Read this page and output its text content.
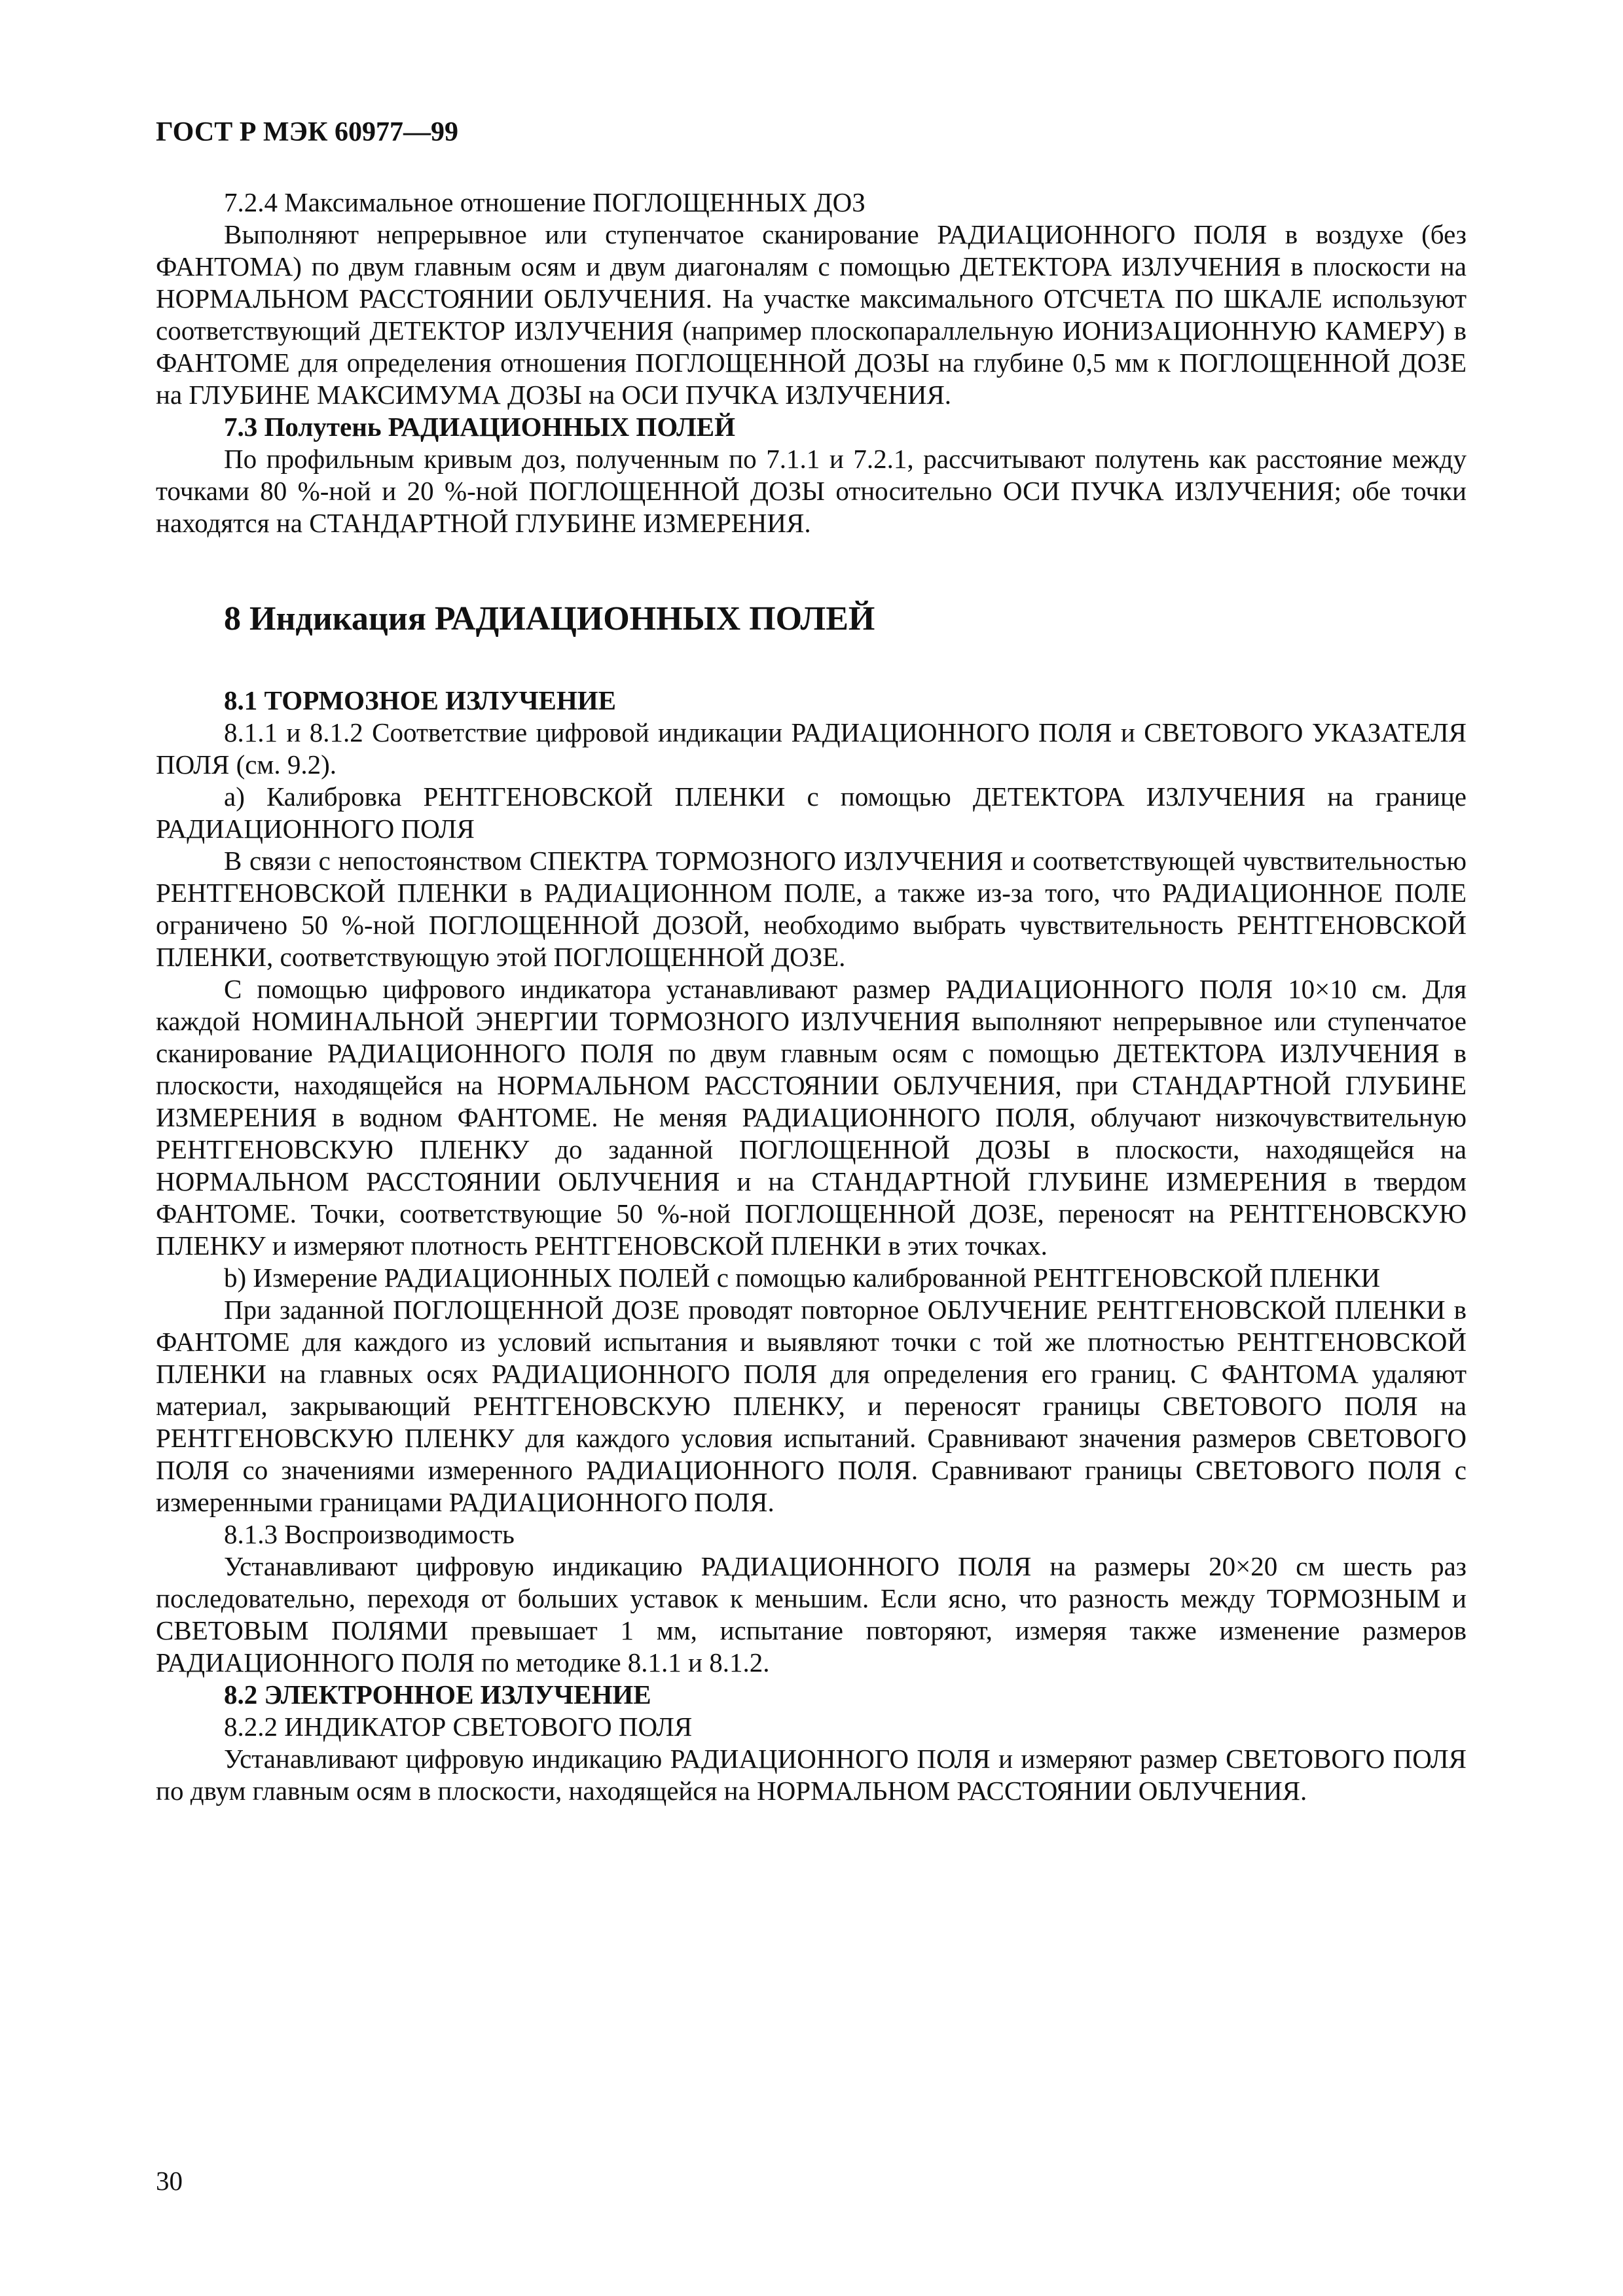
ГОСТ Р МЭК 60977—99

7.2.4 Максимальное отношение ПОГЛОЩЕННЫХ ДОЗ

Выполняют непрерывное или ступенчатое сканирование РАДИАЦИОННОГО ПОЛЯ в воздухе (без ФАНТОМА) по двум главным осям и двум диагоналям с помощью ДЕТЕКТОРА ИЗЛУЧЕНИЯ в плоскости на НОРМАЛЬНОМ РАССТОЯНИИ ОБЛУЧЕНИЯ. На участке максимального ОТСЧЕТА ПО ШКАЛЕ используют соответствующий ДЕТЕКТОР ИЗЛУЧЕНИЯ (например плоскопараллельную ИОНИЗАЦИОННУЮ КАМЕРУ) в ФАНТОМЕ для определения отношения ПОГЛОЩЕННОЙ ДОЗЫ на глубине 0,5 мм к ПОГЛОЩЕННОЙ ДОЗЕ на ГЛУБИНЕ МАКСИМУМА ДОЗЫ на ОСИ ПУЧКА ИЗЛУЧЕНИЯ.

7.3 Полутень РАДИАЦИОННЫХ ПОЛЕЙ

По профильным кривым доз, полученным по 7.1.1 и 7.2.1, рассчитывают полутень как расстояние между точками 80 %-ной и 20 %-ной ПОГЛОЩЕННОЙ ДОЗЫ относительно ОСИ ПУЧКА ИЗЛУЧЕНИЯ; обе точки находятся на СТАНДАРТНОЙ ГЛУБИНЕ ИЗМЕРЕНИЯ.

8 Индикация РАДИАЦИОННЫХ ПОЛЕЙ

8.1 ТОРМОЗНОЕ ИЗЛУЧЕНИЕ

8.1.1 и 8.1.2 Соответствие цифровой индикации РАДИАЦИОННОГО ПОЛЯ и СВЕТОВОГО УКАЗАТЕЛЯ ПОЛЯ (см. 9.2).

a) Калибровка РЕНТГЕНОВСКОЙ ПЛЕНКИ с помощью ДЕТЕКТОРА ИЗЛУЧЕНИЯ на границе РАДИАЦИОННОГО ПОЛЯ

В связи с непостоянством СПЕКТРА ТОРМОЗНОГО ИЗЛУЧЕНИЯ и соответствующей чувствительностью РЕНТГЕНОВСКОЙ ПЛЕНКИ в РАДИАЦИОННОМ ПОЛЕ, а также из-за того, что РАДИАЦИОННОЕ ПОЛЕ ограничено 50 %-ной ПОГЛОЩЕННОЙ ДОЗОЙ, необходимо выбрать чувствительность РЕНТГЕНОВСКОЙ ПЛЕНКИ, соответствующую этой ПОГЛОЩЕННОЙ ДОЗЕ.

С помощью цифрового индикатора устанавливают размер РАДИАЦИОННОГО ПОЛЯ 10×10 см. Для каждой НОМИНАЛЬНОЙ ЭНЕРГИИ ТОРМОЗНОГО ИЗЛУЧЕНИЯ выполняют непрерывное или ступенчатое сканирование РАДИАЦИОННОГО ПОЛЯ по двум главным осям с помощью ДЕТЕКТОРА ИЗЛУЧЕНИЯ в плоскости, находящейся на НОРМАЛЬНОМ РАССТОЯНИИ ОБЛУЧЕНИЯ, при СТАНДАРТНОЙ ГЛУБИНЕ ИЗМЕРЕНИЯ в водном ФАНТОМЕ. Не меняя РАДИАЦИОННОГО ПОЛЯ, облучают низкочувствительную РЕНТГЕНОВСКУЮ ПЛЕНКУ до заданной ПОГЛОЩЕННОЙ ДОЗЫ в плоскости, находящейся на НОРМАЛЬНОМ РАССТОЯНИИ ОБЛУЧЕНИЯ и на СТАНДАРТНОЙ ГЛУБИНЕ ИЗМЕРЕНИЯ в твердом ФАНТОМЕ. Точки, соответствующие 50 %-ной ПОГЛОЩЕННОЙ ДОЗЕ, переносят на РЕНТГЕНОВСКУЮ ПЛЕНКУ и измеряют плотность РЕНТГЕНОВСКОЙ ПЛЕНКИ в этих точках.

b) Измерение РАДИАЦИОННЫХ ПОЛЕЙ с помощью калиброванной РЕНТГЕНОВСКОЙ ПЛЕНКИ

При заданной ПОГЛОЩЕННОЙ ДОЗЕ проводят повторное ОБЛУЧЕНИЕ РЕНТГЕНОВСКОЙ ПЛЕНКИ в ФАНТОМЕ для каждого из условий испытания и выявляют точки с той же плотностью РЕНТГЕНОВСКОЙ ПЛЕНКИ на главных осях РАДИАЦИОННОГО ПОЛЯ для определения его границ. С ФАНТОМА удаляют материал, закрывающий РЕНТГЕНОВСКУЮ ПЛЕНКУ, и переносят границы СВЕТОВОГО ПОЛЯ на РЕНТГЕНОВСКУЮ ПЛЕНКУ для каждого условия испытаний. Сравнивают значения размеров СВЕТОВОГО ПОЛЯ со значениями измеренного РАДИАЦИОННОГО ПОЛЯ. Сравнивают границы СВЕТОВОГО ПОЛЯ с измеренными границами РАДИАЦИОННОГО ПОЛЯ.

8.1.3 Воспроизводимость

Устанавливают цифровую индикацию РАДИАЦИОННОГО ПОЛЯ на размеры 20×20 см шесть раз последовательно, переходя от больших уставок к меньшим. Если ясно, что разность между ТОРМОЗНЫМ и СВЕТОВЫМ ПОЛЯМИ превышает 1 мм, испытание повторяют, измеряя также изменение размеров РАДИАЦИОННОГО ПОЛЯ по методике 8.1.1 и 8.1.2.

8.2 ЭЛЕКТРОННОЕ ИЗЛУЧЕНИЕ

8.2.2 ИНДИКАТОР СВЕТОВОГО ПОЛЯ

Устанавливают цифровую индикацию РАДИАЦИОННОГО ПОЛЯ и измеряют размер СВЕТОВОГО ПОЛЯ по двум главным осям в плоскости, находящейся на НОРМАЛЬНОМ РАССТОЯНИИ ОБЛУЧЕНИЯ.

30
